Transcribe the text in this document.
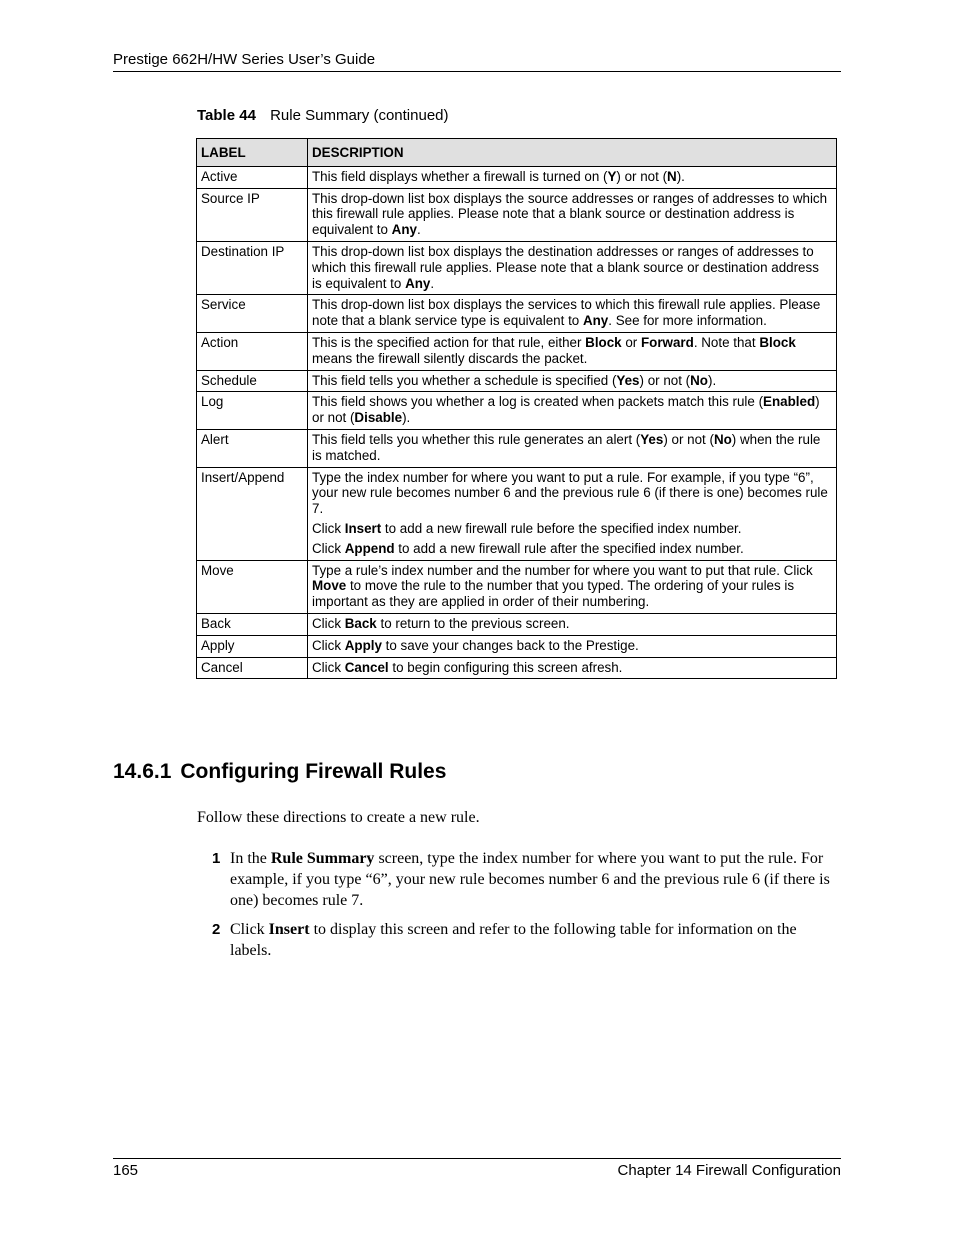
Prestige 662H/HW Series User’s Guide
Table 44 Rule Summary (continued)
LABEL	DESCRIPTION
Active	This field displays whether a firewall is turned on (Y) or not (N).

Source IP	This drop-down list box displays the source addresses or ranges of addresses to which this firewall rule applies. Please note that a blank source or destination address is equivalent to Any.

Destination IP	This drop-down list box displays the destination addresses or ranges of addresses to which this firewall rule applies. Please note that a blank source or destination address is equivalent to Any.

Service	This drop-down list box displays the services to which this firewall rule applies. Please note that a blank service type is equivalent to Any. See for more information.

Action	This is the specified action for that rule, either Block or Forward. Note that Block means the firewall silently discards the packet.

Schedule	This field tells you whether a schedule is specified (Yes) or not (No).

Log	This field shows you whether a log is created when packets match this rule (Enabled) or not (Disable).

Alert	This field tells you whether this rule generates an alert (Yes) or not (No) when the rule is matched.

Insert/Append	Type the index number for where you want to put a rule. For example, if you type “6”, your new rule becomes number 6 and the previous rule 6 (if there is one) becomes rule 7.

Click Insert to add a new firewall rule before the specified index number.

Click Append to add a new firewall rule after the specified index number.

Move	Type a rule’s index number and the number for where you want to put that rule. Click Move to move the rule to the number that you typed. The ordering of your rules is important as they are applied in order of their numbering.

Back	Click Back to return to the previous screen.

Apply	Click Apply to save your changes back to the Prestige.

Cancel	Click Cancel to begin configuring this screen afresh.

14.6.1 Configuring Firewall Rules

Follow these directions to create a new rule.

1 In the Rule Summary screen, type the index number for where you want to put the rule. For example, if you type “6”, your new rule becomes number 6 and the previous rule 6 (if there is one) becomes rule 7.
2 Click Insert to display this screen and refer to the following table for information on the labels.
165	Chapter 14 Firewall Configuration
